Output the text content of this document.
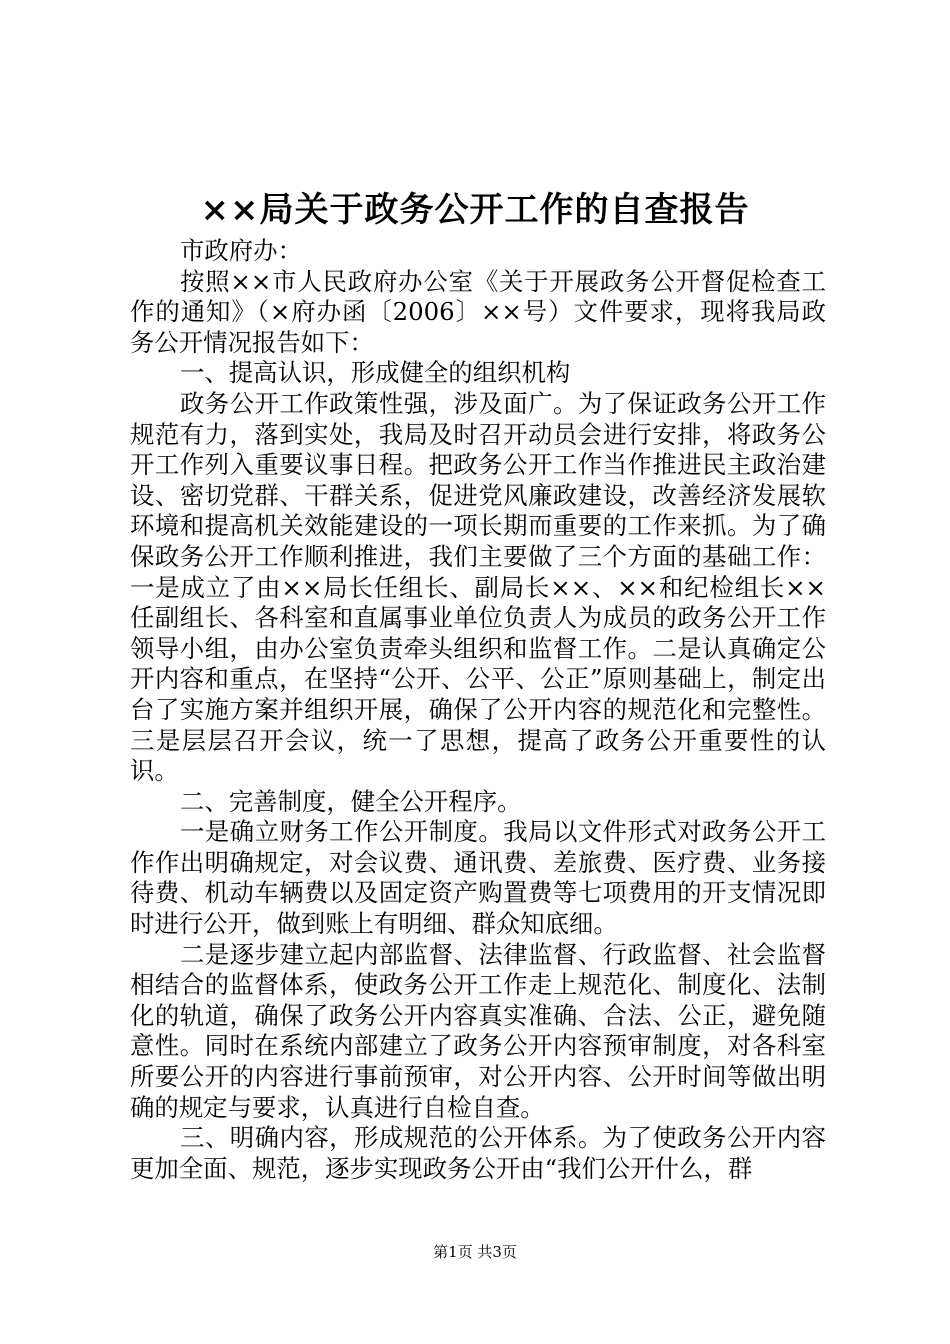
××局关于政务公开工作的自查报告

市政府办：

按照××市人民政府办公室《关于开展政务公开督促检查工作的通知》（×府办函〔2006〕××号）文件要求，现将我局政务公开情况报告如下：

一、提高认识，形成健全的组织机构

政务公开工作政策性强，涉及面广。为了保证政务公开工作规范有力，落到实处，我局及时召开动员会进行安排，将政务公开工作列入重要议事日程。把政务公开工作当作推进民主政治建设、密切党群、干群关系，促进党风廉政建设，改善经济发展软环境和提高机关效能建设的一项长期而重要的工作来抓。为了确保政务公开工作顺利推进，我们主要做了三个方面的基础工作：一是成立了由××局长任组长、副局长××、××和纪检组长××任副组长、各科室和直属事业单位负责人为成员的政务公开工作领导小组，由办公室负责牵头组织和监督工作。二是认真确定公开内容和重点，在坚持“公开、公平、公正”原则基础上，制定出台了实施方案并组织开展，确保了公开内容的规范化和完整性。三是层层召开会议，统一了思想，提高了政务公开重要性的认识。

二、完善制度，健全公开程序。

一是确立财务工作公开制度。我局以文件形式对政务公开工作作出明确规定，对会议费、通讯费、差旅费、医疗费、业务接待费、机动车辆费以及固定资产购置费等七项费用的开支情况即时进行公开，做到账上有明细、群众知底细。

二是逐步建立起内部监督、法律监督、行政监督、社会监督相结合的监督体系，使政务公开工作走上规范化、制度化、法制化的轨道，确保了政务公开内容真实准确、合法、公正，避免随意性。同时在系统内部建立了政务公开内容预审制度，对各科室所要公开的内容进行事前预审，对公开内容、公开时间等做出明确的规定与要求，认真进行自检自查。

三、明确内容，形成规范的公开体系。为了使政务公开内容更加全面、规范，逐步实现政务公开由“我们公开什么，群

第1页 共3页
